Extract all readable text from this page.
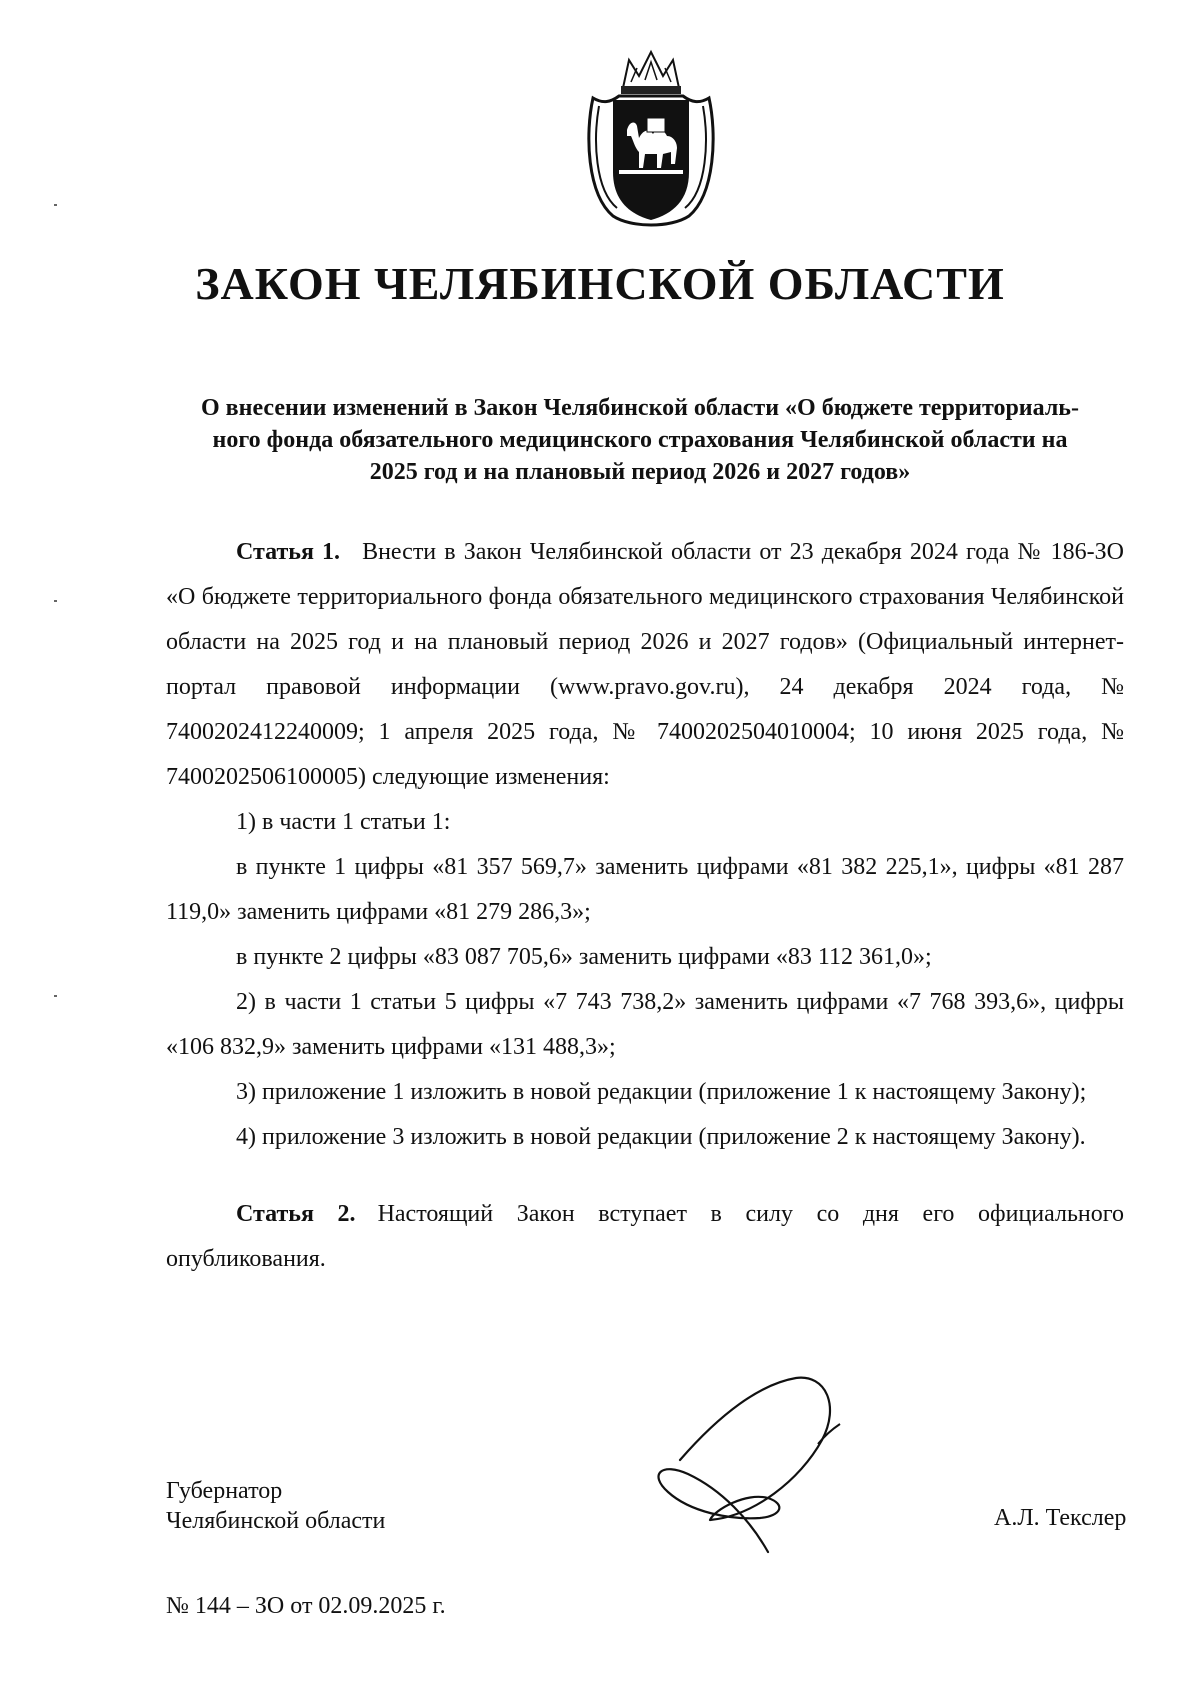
ЗАКОН ЧЕЛЯБИНСКОЙ ОБЛАСТИ
О внесении изменений в Закон Челябинской области «О бюджете территориаль-
ного фонда обязательного медицинского страхования Челябинской области на
2025 год и на плановый период 2026 и 2027 годов»

Статья 1. Внести в Закон Челябинской области от 23 декабря 2024 года № 186-ЗО «О бюджете территориального фонда обязательного медицинского страхования Челябинской области на 2025 год и на плановый период 2026 и 2027 годов» (Официальный интернет-портал правовой информации (www.pravo.gov.ru), 24 декабря 2024 года, № 7400202412240009; 1 апреля 2025 года, № 7400202504010004; 10 июня 2025 года, № 7400202506100005) следующие изменения:

1) в части 1 статьи 1:

в пункте 1 цифры «81 357 569,7» заменить цифрами «81 382 225,1», цифры «81 287 119,0» заменить цифрами «81 279 286,3»;

в пункте 2 цифры «83 087 705,6» заменить цифрами «83 112 361,0»;

2) в части 1 статьи 5 цифры «7 743 738,2» заменить цифрами «7 768 393,6», цифры «106 832,9» заменить цифрами «131 488,3»;

3) приложение 1 изложить в новой редакции (приложение 1 к настоящему Закону);

4) приложение 3 изложить в новой редакции (приложение 2 к настоящему Закону).

Статья 2. Настоящий Закон вступает в силу со дня его официального опубликования.

Губернатор
Челябинской области	А.Л. Текслер
№ 144 – ЗО от 02.09.2025 г.
